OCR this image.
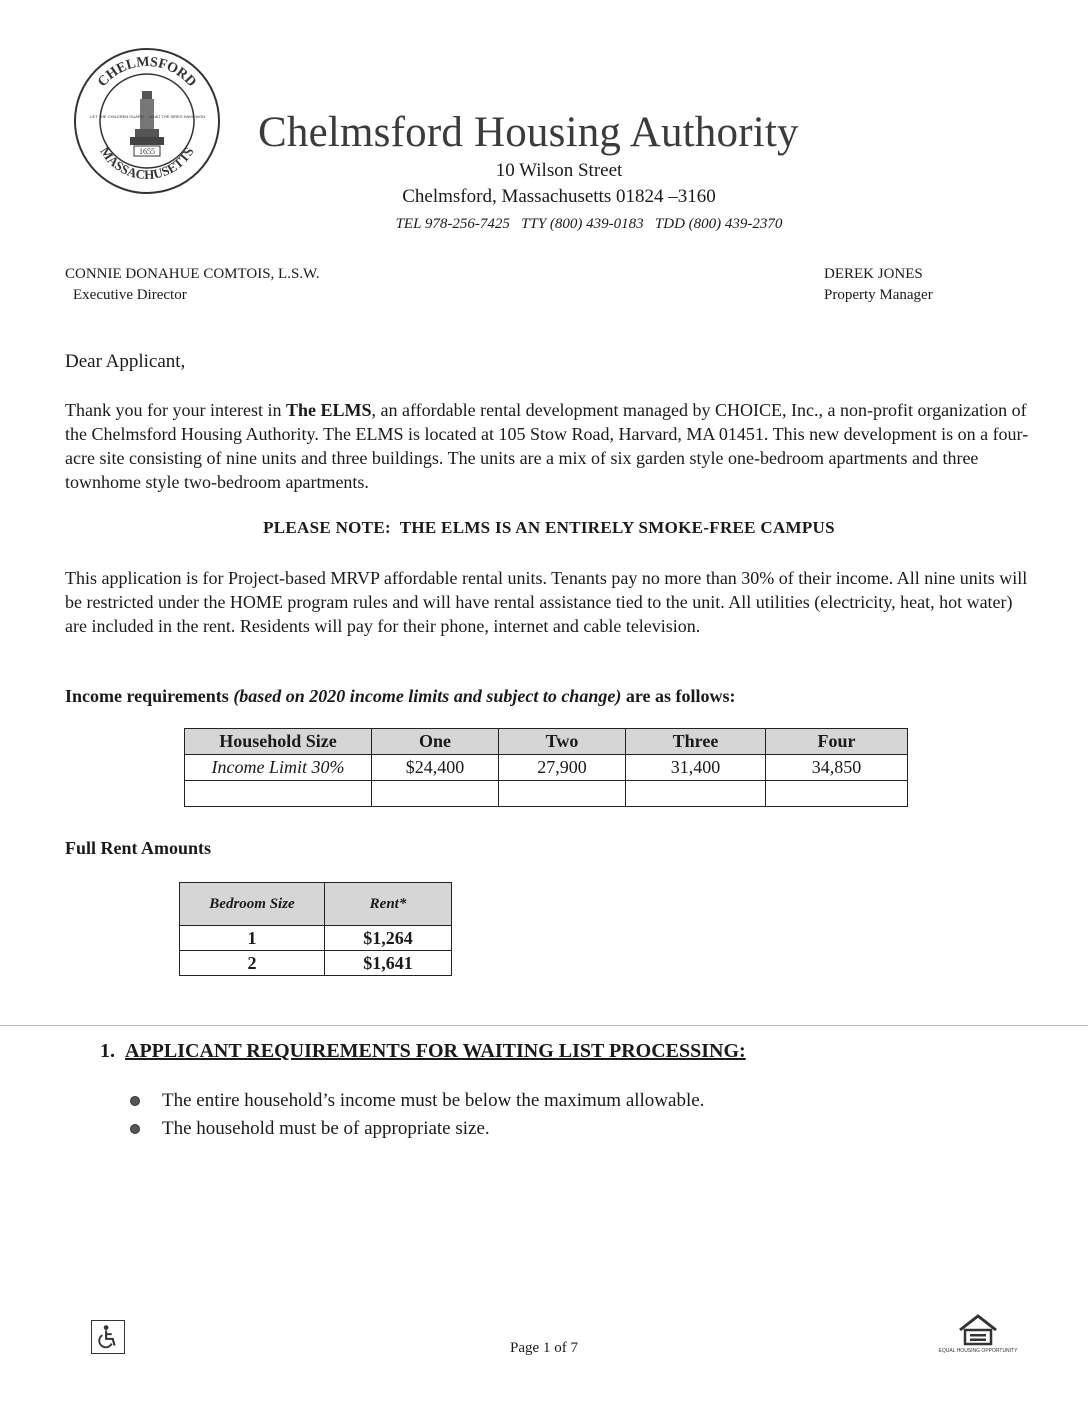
CHELMSFORD
MASSACHUSETTS
1655
LET THE CHILDREN GUARD WHAT THE SIRES HAVE WON Chelmsford Housing Authority
10 Wilson Street
Chelmsford, Massachusetts 01824 –3160
TEL 978-256-7425   TTY (800) 439-0183   TDD (800) 439-2370
CONNIE DONAHUE COMTOIS, L.S.W.
Executive Director
DEREK JONES
Property Manager
Dear Applicant,
Thank you for your interest in The ELMS, an affordable rental development managed by CHOICE, Inc., a non-profit organization of the Chelmsford Housing Authority. The ELMS is located at 105 Stow Road, Harvard, MA 01451. This new development is on a four-acre site consisting of nine units and three buildings. The units are a mix of six garden style one-bedroom apartments and three townhome style two-bedroom apartments.
PLEASE NOTE:  THE ELMS IS AN ENTIRELY SMOKE-FREE CAMPUS
This application is for Project-based MRVP affordable rental units. Tenants pay no more than 30% of their income. All nine units will be restricted under the HOME program rules and will have rental assistance tied to the unit. All utilities (electricity, heat, hot water) are included in the rent. Residents will pay for their phone, internet and cable television.
Income requirements (based on 2020 income limits and subject to change) are as follows:
Household Size	One	Two	Three	Four
Income Limit 30%	$24,400	27,900	31,400	34,850

Full Rent Amounts
Bedroom Size	Rent*
1	$1,264
2	$1,641
1. APPLICANT REQUIREMENTS FOR WAITING LIST PROCESSING:
The entire household’s income must be below the maximum allowable.
The household must be of appropriate size.
Page 1 of 7	EQUAL HOUSING OPPORTUNITY
